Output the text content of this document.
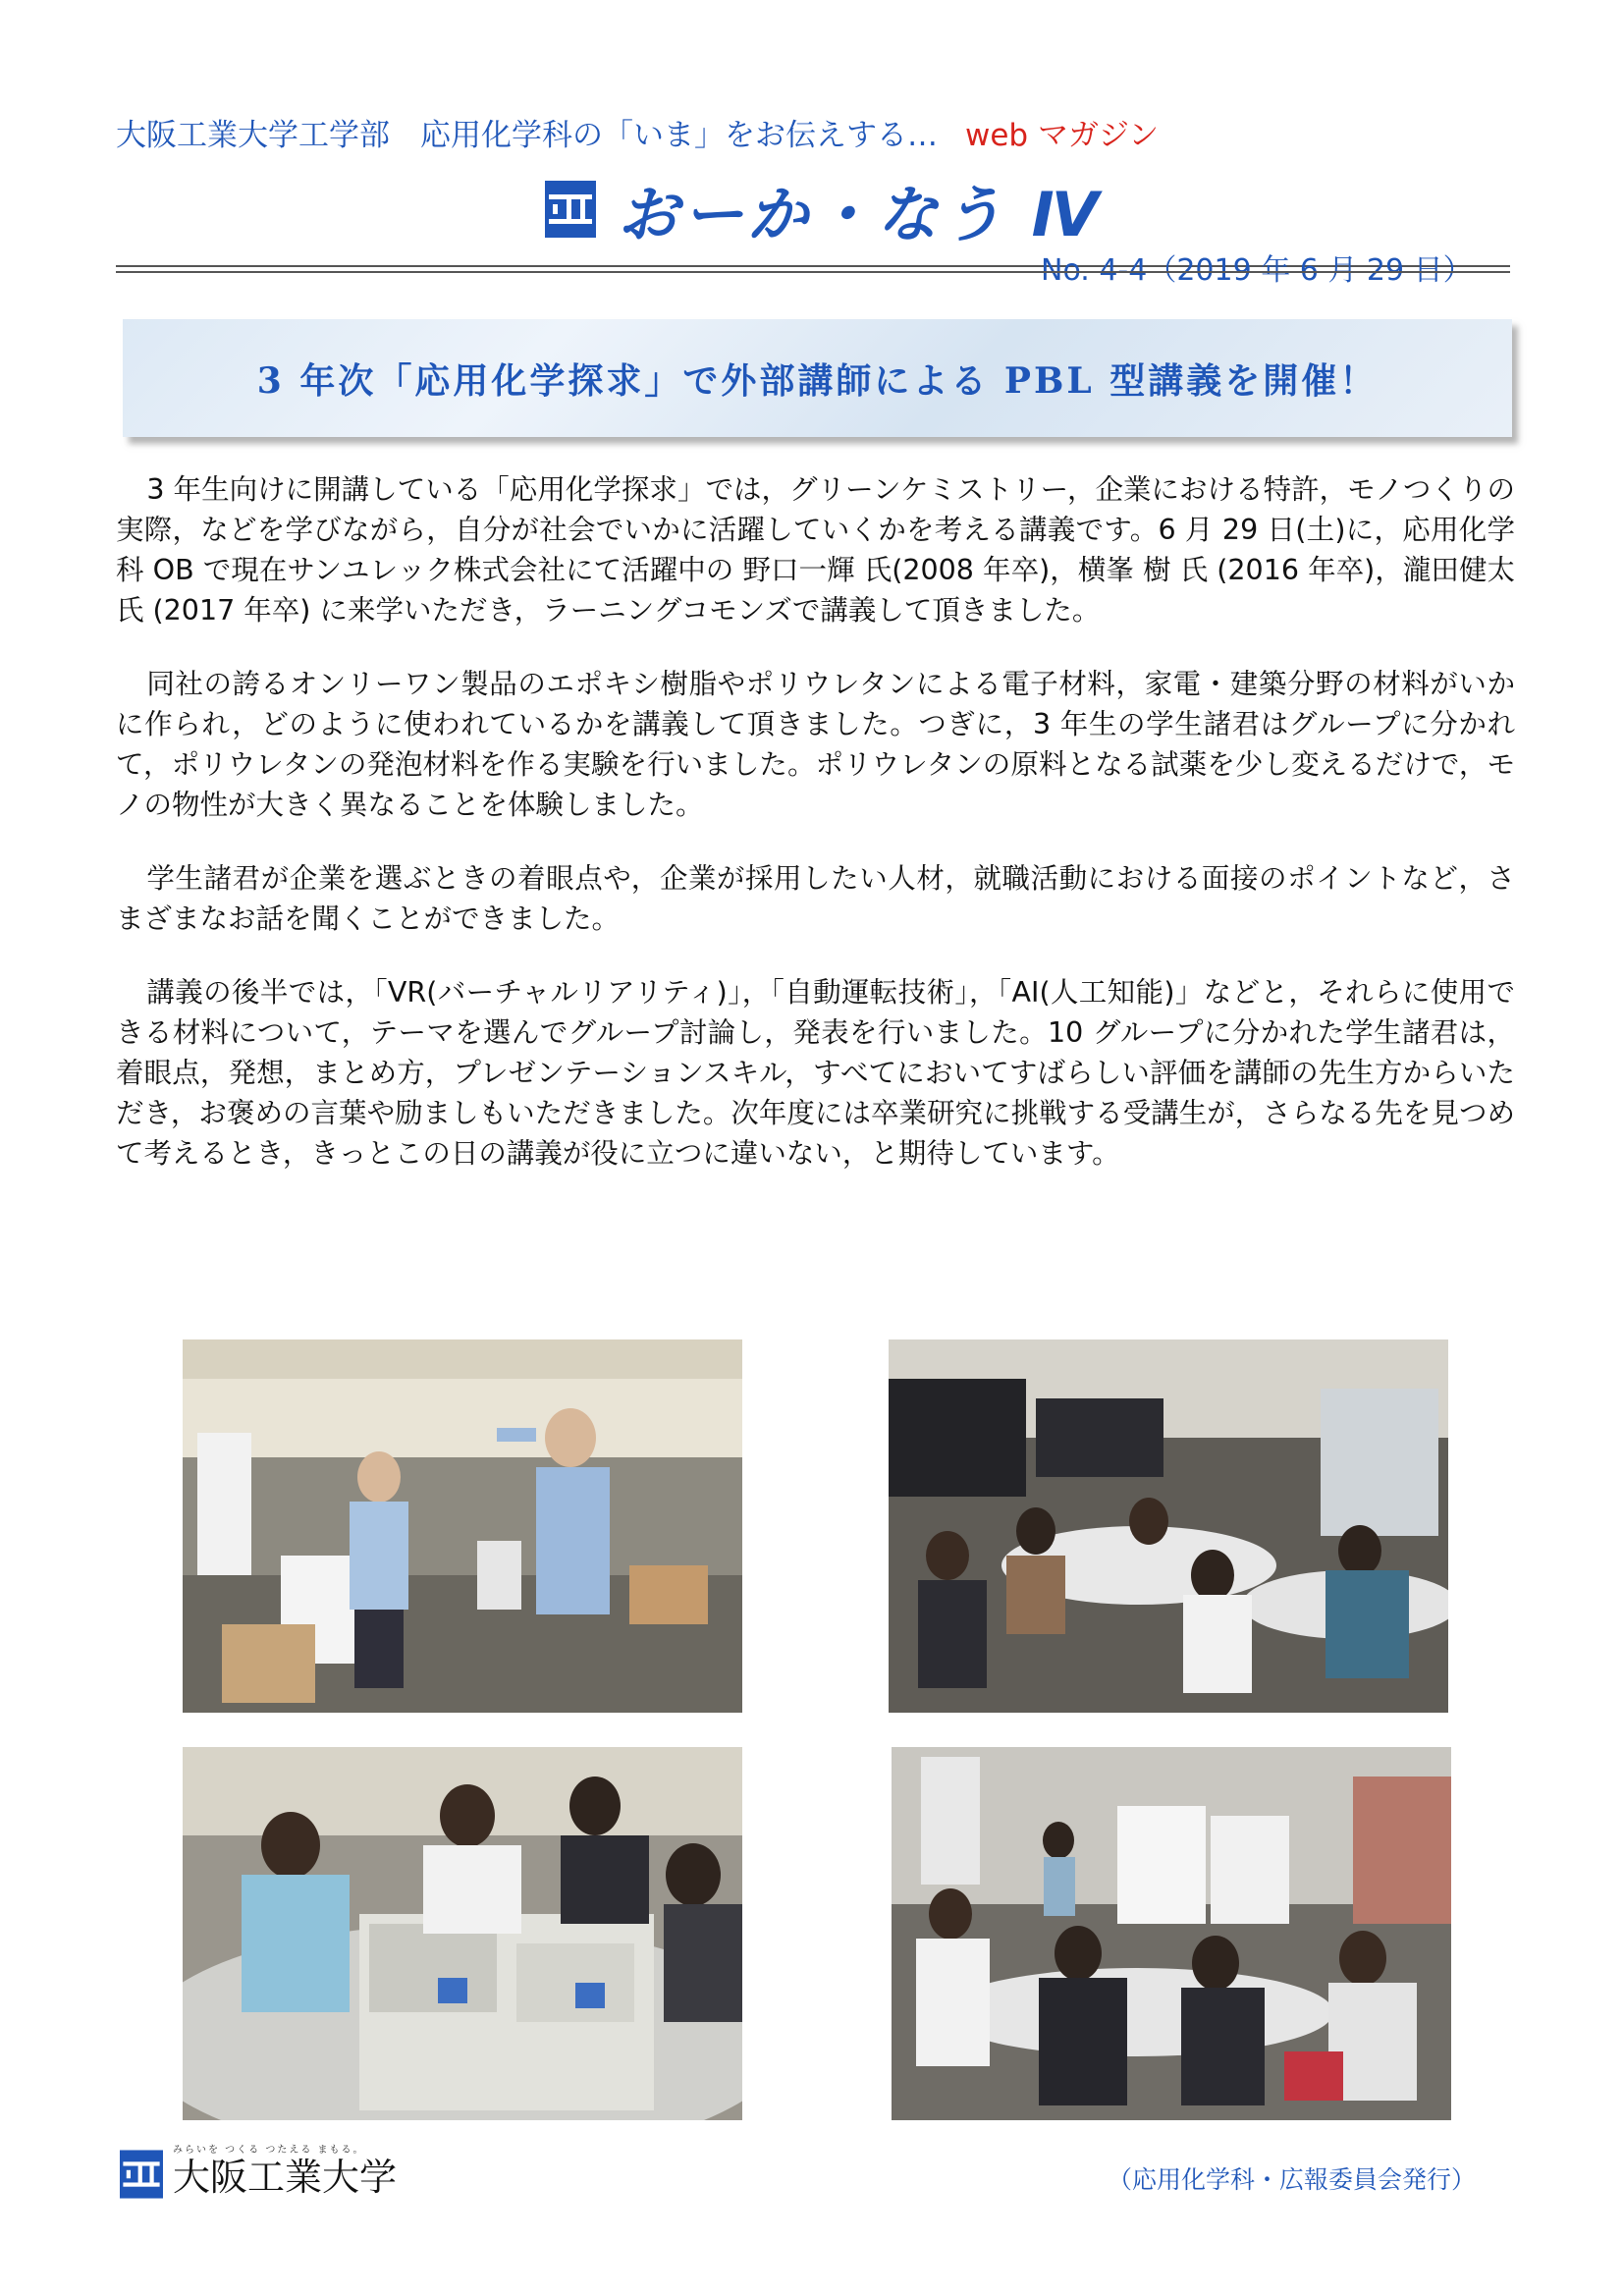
大阪工業大学工学部　応用化学科の「いま」をお伝えする… web マガジン
おーか・なう Ⅳ
No. 4-4（2019 年 6 月 29 日）
3 年次「応用化学探求」で外部講師による PBL 型講義を開催！

3 年生向けに開講している「応用化学探求」では，グリーンケミストリー，企業における特許，モノつくりの実際，などを学びながら，自分が社会でいかに活躍していくかを考える講義です。6 月 29 日(土)に，応用化学科 OB で現在サンユレック株式会社にて活躍中の 野口一輝 氏(2008 年卒)，横峯 樹 氏 (2016 年卒)，瀧田健太 氏 (2017 年卒) に来学いただき，ラーニングコモンズで講義して頂きました。

同社の誇るオンリーワン製品のエポキシ樹脂やポリウレタンによる電子材料，家電・建築分野の材料がいかに作られ，どのように使われているかを講義して頂きました。つぎに，3 年生の学生諸君はグループに分かれて，ポリウレタンの発泡材料を作る実験を行いました。ポリウレタンの原料となる試薬を少し変えるだけで，モノの物性が大きく異なることを体験しました。

学生諸君が企業を選ぶときの着眼点や，企業が採用したい人材，就職活動における面接のポイントなど，さまざまなお話を聞くことができました。

講義の後半では，「VR(バーチャルリアリティ)」，「自動運転技術」，「AI(人工知能)」などと，それらに使用できる材料について，テーマを選んでグループ討論し，発表を行いました。10 グループに分かれた学生諸君は，着眼点，発想，まとめ方，プレゼンテーションスキル，すべてにおいてすばらしい評価を講師の先生方からいただき，お褒めの言葉や励ましもいただきました。次年度には卒業研究に挑戦する受講生が，さらなる先を見つめて考えるとき，きっとこの日の講義が役に立つに違いない，と期待しています。

みらいを つくる つたえる まもる。
大阪工業大学	（応用化学科・広報委員会発行）
